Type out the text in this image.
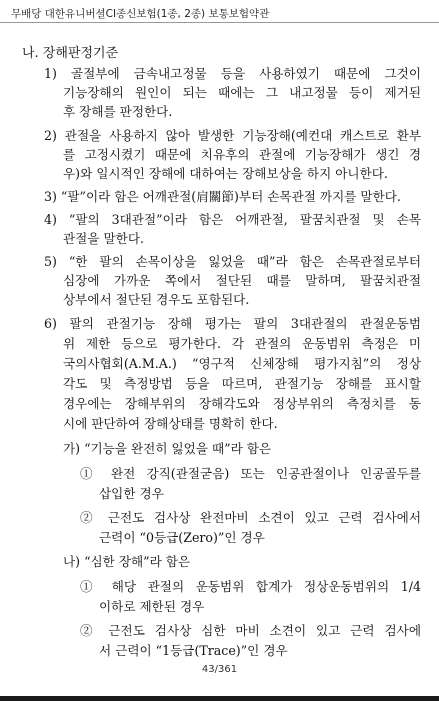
무배당 대한유니버셜CI종신보험(1종, 2종) 보통보험약관
나. 장해판정기준
1) 골절부에 금속내고정물 등을 사용하였기 때문에 그것이
기능장해의 원인이 되는 때에는 그 내고정물 등이 제거된
후 장해를 판정한다.
2) 관절을 사용하지 않아 발생한 기능장해(예컨대 캐스트로 환부
를 고정시켰기 때문에 치유후의 관절에 기능장해가 생긴 경
우)와 일시적인 장해에 대하여는 장해보상을 하지 아니한다.
3) “팔”이라 함은 어깨관절(肩關節)부터 손목관절 까지를 말한다.
4) “팔의 3대관절”이라 함은 어깨관절, 팔꿈치관절 및 손목
관절을 말한다.
5) “한 팔의 손목이상을 잃었을 때”라 함은 손목관절로부터
심장에 가까운 쪽에서 절단된 때를 말하며, 팔꿈치관절
상부에서 절단된 경우도 포함된다.
6) 팔의 관절기능 장해 평가는 팔의 3대관절의 관절운동범
위 제한 등으로 평가한다. 각 관절의 운동범위 측정은 미
국의사협회(A.M.A.) “영구적 신체장해 평가지침”의 정상
각도 및 측정방법 등을 따르며, 관절기능 장해를 표시할
경우에는 장해부위의 장해각도와 정상부위의 측정치를 동
시에 판단하여 장해상태를 명확히 한다.
가) “기능을 완전히 잃었을 때”라 함은
① 완전 강직(관절굳음) 또는 인공관절이나 인공골두를
삽입한 경우
② 근전도 검사상 완전마비 소견이 있고 근력 검사에서
근력이 “0등급(Zero)”인 경우
나) “심한 장해”라 함은
① 해당 관절의 운동범위 합계가 정상운동범위의 1/4
이하로 제한된 경우
② 근전도 검사상 심한 마비 소견이 있고 근력 검사에
서 근력이 “1등급(Trace)”인 경우
43/361
